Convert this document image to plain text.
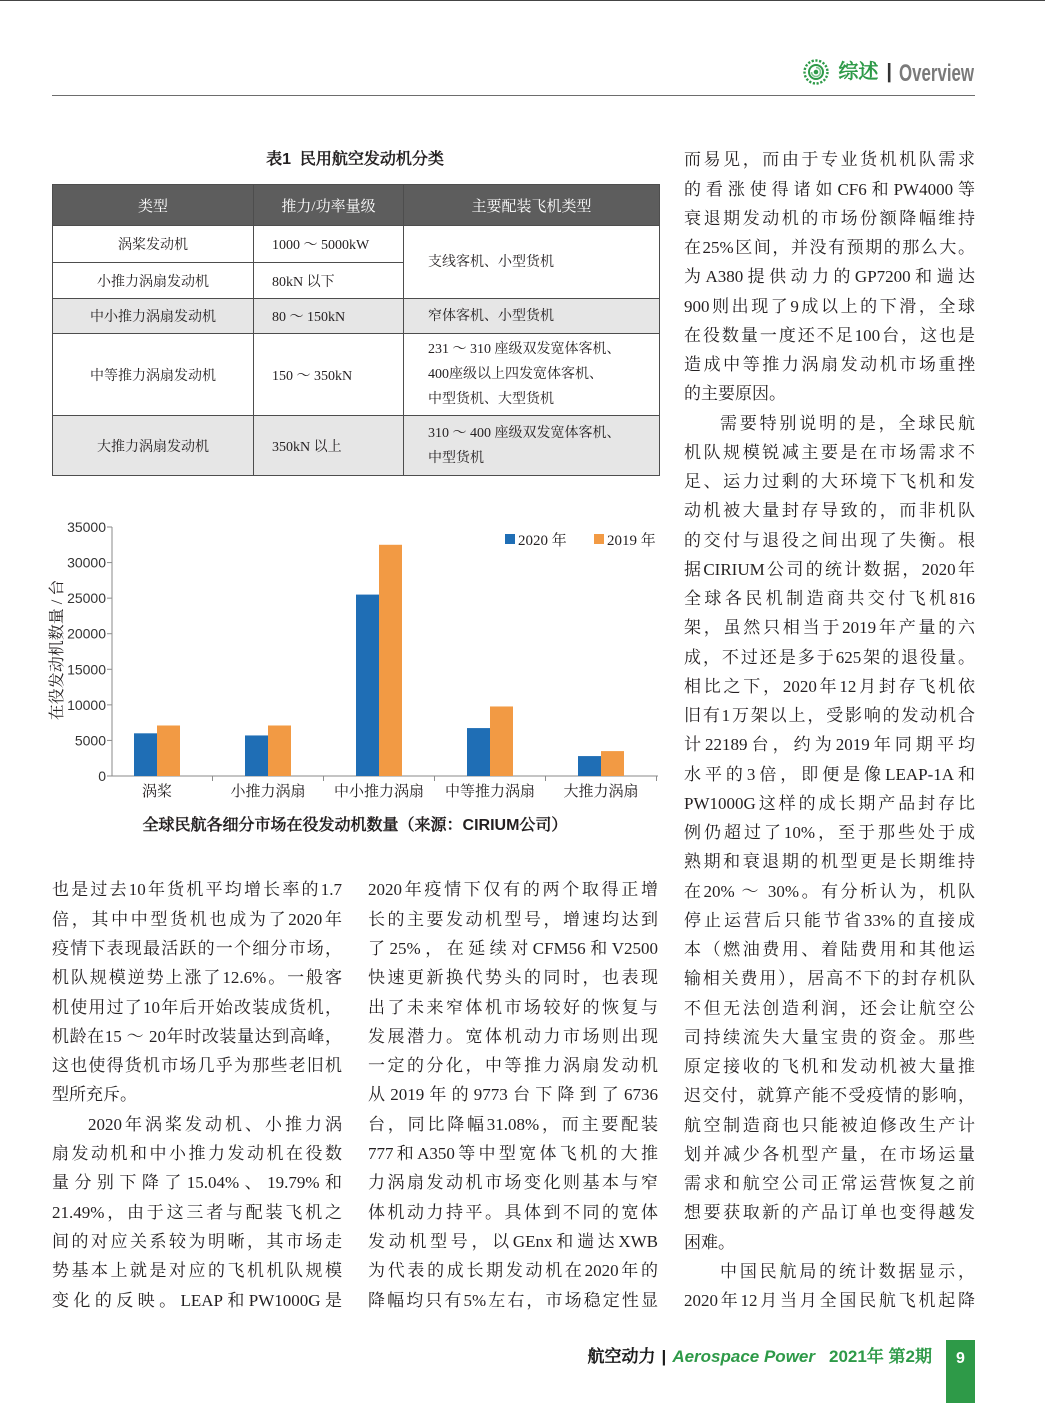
综述 | Overview
表1  民用航空发动机分类
类型	推力/功率量级	主要配装飞机类型
涡桨发动机	1000 ～ 5000kW	支线客机、小型货机

小推力涡扇发动机	80kN 以下	
中小推力涡扇发动机	80 ～ 150kN	窄体客机、小型货机

中等推力涡扇发动机	150 ～ 350kN	231 ～ 310 座级双发宽体客机、
400座级以上四发宽体客机、
中型货机、大型货机

大推力涡扇发动机	350kN 以上	310 ～ 400 座级双发宽体客机、
中型货机
0
5000
10000
15000
20000
25000
30000
35000
涡桨	小推力涡扇 中小推力涡扇 中等推力涡扇 大推力涡扇
在役发动机数量 / 台
2020 年	2019 年
全球民航各细分市场在役发动机数量（来源：CIRIUM公司）
也是过去10年货机平均增长率的1.7
倍，其中中型货机也成为了2020年
疫情下表现最活跃的一个细分市场，
机队规模逆势上涨了12.6%。一般客
机使用过了10年后开始改装成货机，
机龄在15 ～ 20年时改装量达到高峰，
这也使得货机市场几乎为那些老旧机
型所充斥。
2020年涡桨发动机、小推力涡
扇发动机和中小推力发动机在役数
量分别下降了15.04%、19.79%和
21.49%，由于这三者与配装飞机之
间的对应关系较为明晰，其市场走
势基本上就是对应的飞机机队规模
变化的反映。LEAP和PW1000G是
2020年疫情下仅有的两个取得正增
长的主要发动机型号，增速均达到
了25%，在延续对CFM56和V2500
快速更新换代势头的同时，也表现
出了未来窄体机市场较好的恢复与
发展潜力。宽体机动力市场则出现
一定的分化，中等推力涡扇发动机
从2019年的9773台下降到了6736
台，同比降幅31.08%，而主要配装
777和A350等中型宽体飞机的大推
力涡扇发动机市场变化则基本与窄
体机动力持平。具体到不同的宽体
发动机型号，以GEnx和遄达XWB
为代表的成长期发动机在2020年的
降幅均只有5%左右，市场稳定性显
而易见，而由于专业货机机队需求
的看涨使得诸如CF6和PW4000等
衰退期发动机的市场份额降幅维持
在25%区间，并没有预期的那么大。
为A380提供动力的GP7200和遄达
900则出现了9成以上的下滑，全球
在役数量一度还不足100台，这也是
造成中等推力涡扇发动机市场重挫
的主要原因。
需要特别说明的是，全球民航
机队规模锐减主要是在市场需求不
足、运力过剩的大环境下飞机和发
动机被大量封存导致的，而非机队
的交付与退役之间出现了失衡。根
据CIRIUM公司的统计数据，2020年
全球各民机制造商共交付飞机816
架，虽然只相当于2019年产量的六
成，不过还是多于625架的退役量。
相比之下，2020年12月封存飞机依
旧有1万架以上，受影响的发动机合
计22189台，约为2019年同期平均
水平的3倍，即便是像LEAP-1A和
PW1000G这样的成长期产品封存比
例仍超过了10%，至于那些处于成
熟期和衰退期的机型更是长期维持
在20% ～ 30%。有分析认为，机队
停止运营后只能节省33%的直接成
本（燃油费用、着陆费用和其他运
输相关费用），居高不下的封存机队
不但无法创造利润，还会让航空公
司持续流失大量宝贵的资金。那些
原定接收的飞机和发动机被大量推
迟交付，就算产能不受疫情的影响，
航空制造商也只能被迫修改生产计
划并减少各机型产量，在市场运量
需求和航空公司正常运营恢复之前
想要获取新的产品订单也变得越发
困难。
中国民航局的统计数据显示，
2020年12月当月全国民航飞机起降
航空动力 | Aerospace Power 2021年 第2期	9
